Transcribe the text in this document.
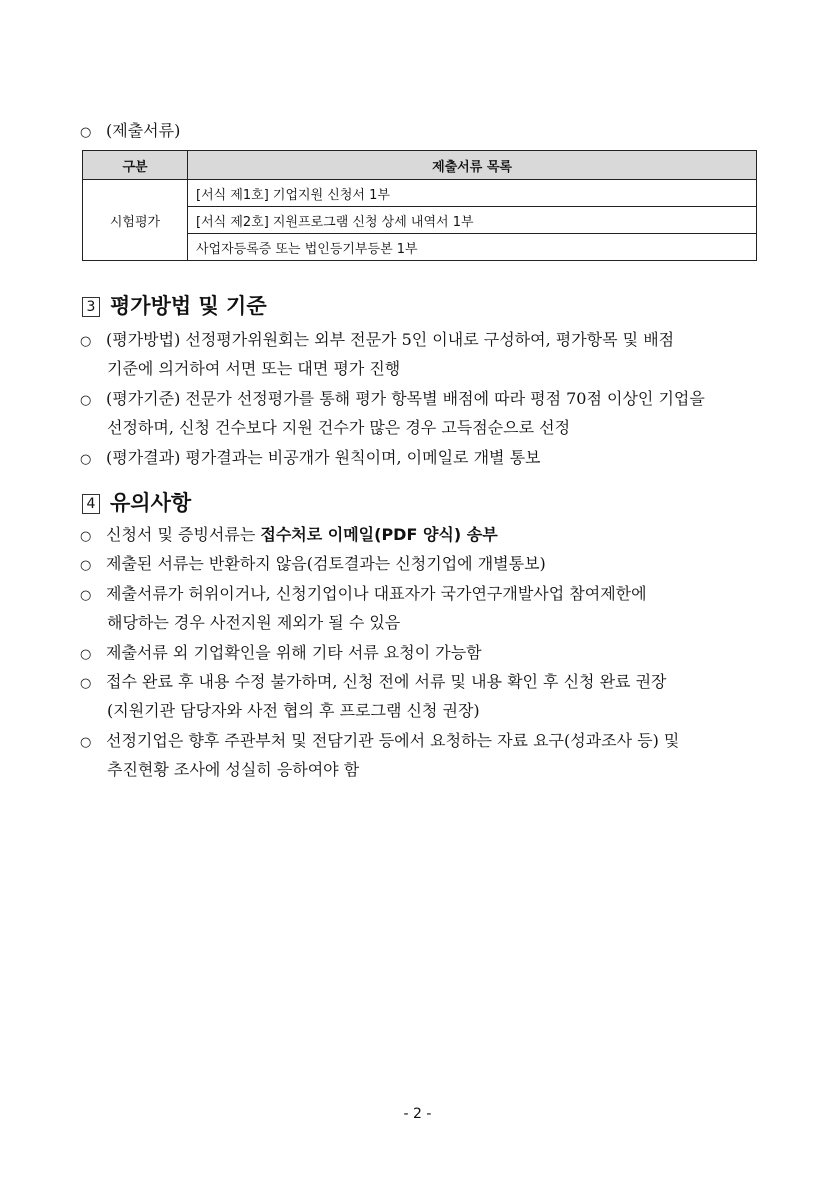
○ (제출서류)
구분	제출서류 목록
시험평가	[서식 제1호] 기업지원 신청서 1부
	[서식 제2호] 지원프로그램 신청 상세 내역서 1부
	사업자등록증 또는 법인등기부등본 1부
3 평가방법 및 기준
○ (평가방법) 선정평가위원회는 외부 전문가 5인 이내로 구성하여, 평가항목 및 배점
기준에 의거하여 서면 또는 대면 평가 진행
○ (평가기준) 전문가 선정평가를 통해 평가 항목별 배점에 따라 평점 70점 이상인 기업을
선정하며, 신청 건수보다 지원 건수가 많은 경우 고득점순으로 선정
○ (평가결과) 평가결과는 비공개가 원칙이며, 이메일로 개별 통보
4 유의사항
○ 신청서 및 증빙서류는 접수처로 이메일(PDF 양식) 송부
○ 제출된 서류는 반환하지 않음(검토결과는 신청기업에 개별통보)
○ 제출서류가 허위이거나, 신청기업이나 대표자가 국가연구개발사업 참여제한에
해당하는 경우 사전지원 제외가 될 수 있음
○ 제출서류 외 기업확인을 위해 기타 서류 요청이 가능함
○ 접수 완료 후 내용 수정 불가하며, 신청 전에 서류 및 내용 확인 후 신청 완료 권장
(지원기관 담당자와 사전 협의 후 프로그램 신청 권장)
○ 선정기업은 향후 주관부처 및 전담기관 등에서 요청하는 자료 요구(성과조사 등) 및
추진현황 조사에 성실히 응하여야 함
- 2 -
